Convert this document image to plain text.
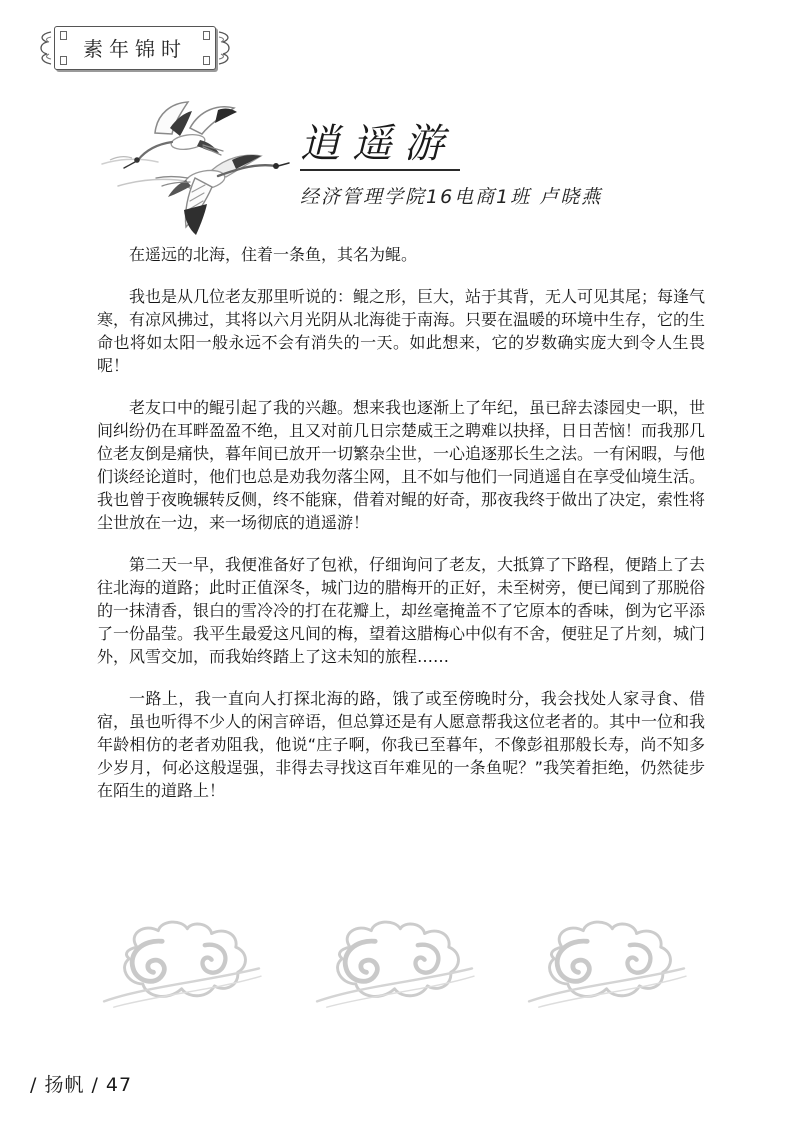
素年锦时
逍遥游
经济管理学院16电商1班 卢晓燕

在遥远的北海，住着一条鱼，其名为鲲。

我也是从几位老友那里听说的：鲲之形，巨大，站于其背，无人可见其尾；每逢气寒，有凉风拂过，其将以六月光阴从北海徙于南海。只要在温暖的环境中生存，它的生命也将如太阳一般永远不会有消失的一天。如此想来，它的岁数确实庞大到令人生畏呢！

老友口中的鲲引起了我的兴趣。想来我也逐渐上了年纪，虽已辞去漆园史一职，世间纠纷仍在耳畔盈盈不绝，且又对前几日宗楚威王之聘难以抉择，日日苦恼！而我那几位老友倒是痛快，暮年间已放开一切繁杂尘世，一心追逐那长生之法。一有闲暇，与他们谈经论道时，他们也总是劝我勿落尘网，且不如与他们一同逍遥自在享受仙境生活。我也曾于夜晚辗转反侧，终不能寐，借着对鲲的好奇，那夜我终于做出了决定，索性将尘世放在一边，来一场彻底的逍遥游！

第二天一早，我便准备好了包袱，仔细询问了老友，大抵算了下路程，便踏上了去往北海的道路；此时正值深冬，城门边的腊梅开的正好，未至树旁，便已闻到了那脱俗的一抹清香，银白的雪冷冷的打在花瓣上，却丝毫掩盖不了它原本的香味，倒为它平添了一份晶莹。我平生最爱这凡间的梅，望着这腊梅心中似有不舍，便驻足了片刻，城门外，风雪交加，而我始终踏上了这未知的旅程……

一路上，我一直向人打探北海的路，饿了或至傍晚时分，我会找处人家寻食、借宿，虽也听得不少人的闲言碎语，但总算还是有人愿意帮我这位老者的。其中一位和我年龄相仿的老者劝阻我，他说“庄子啊，你我已至暮年，不像彭祖那般长寿，尚不知多少岁月，何必这般逞强，非得去寻找这百年难见的一条鱼呢？”我笑着拒绝，仍然徒步在陌生的道路上！

/ 扬帆 / 47
